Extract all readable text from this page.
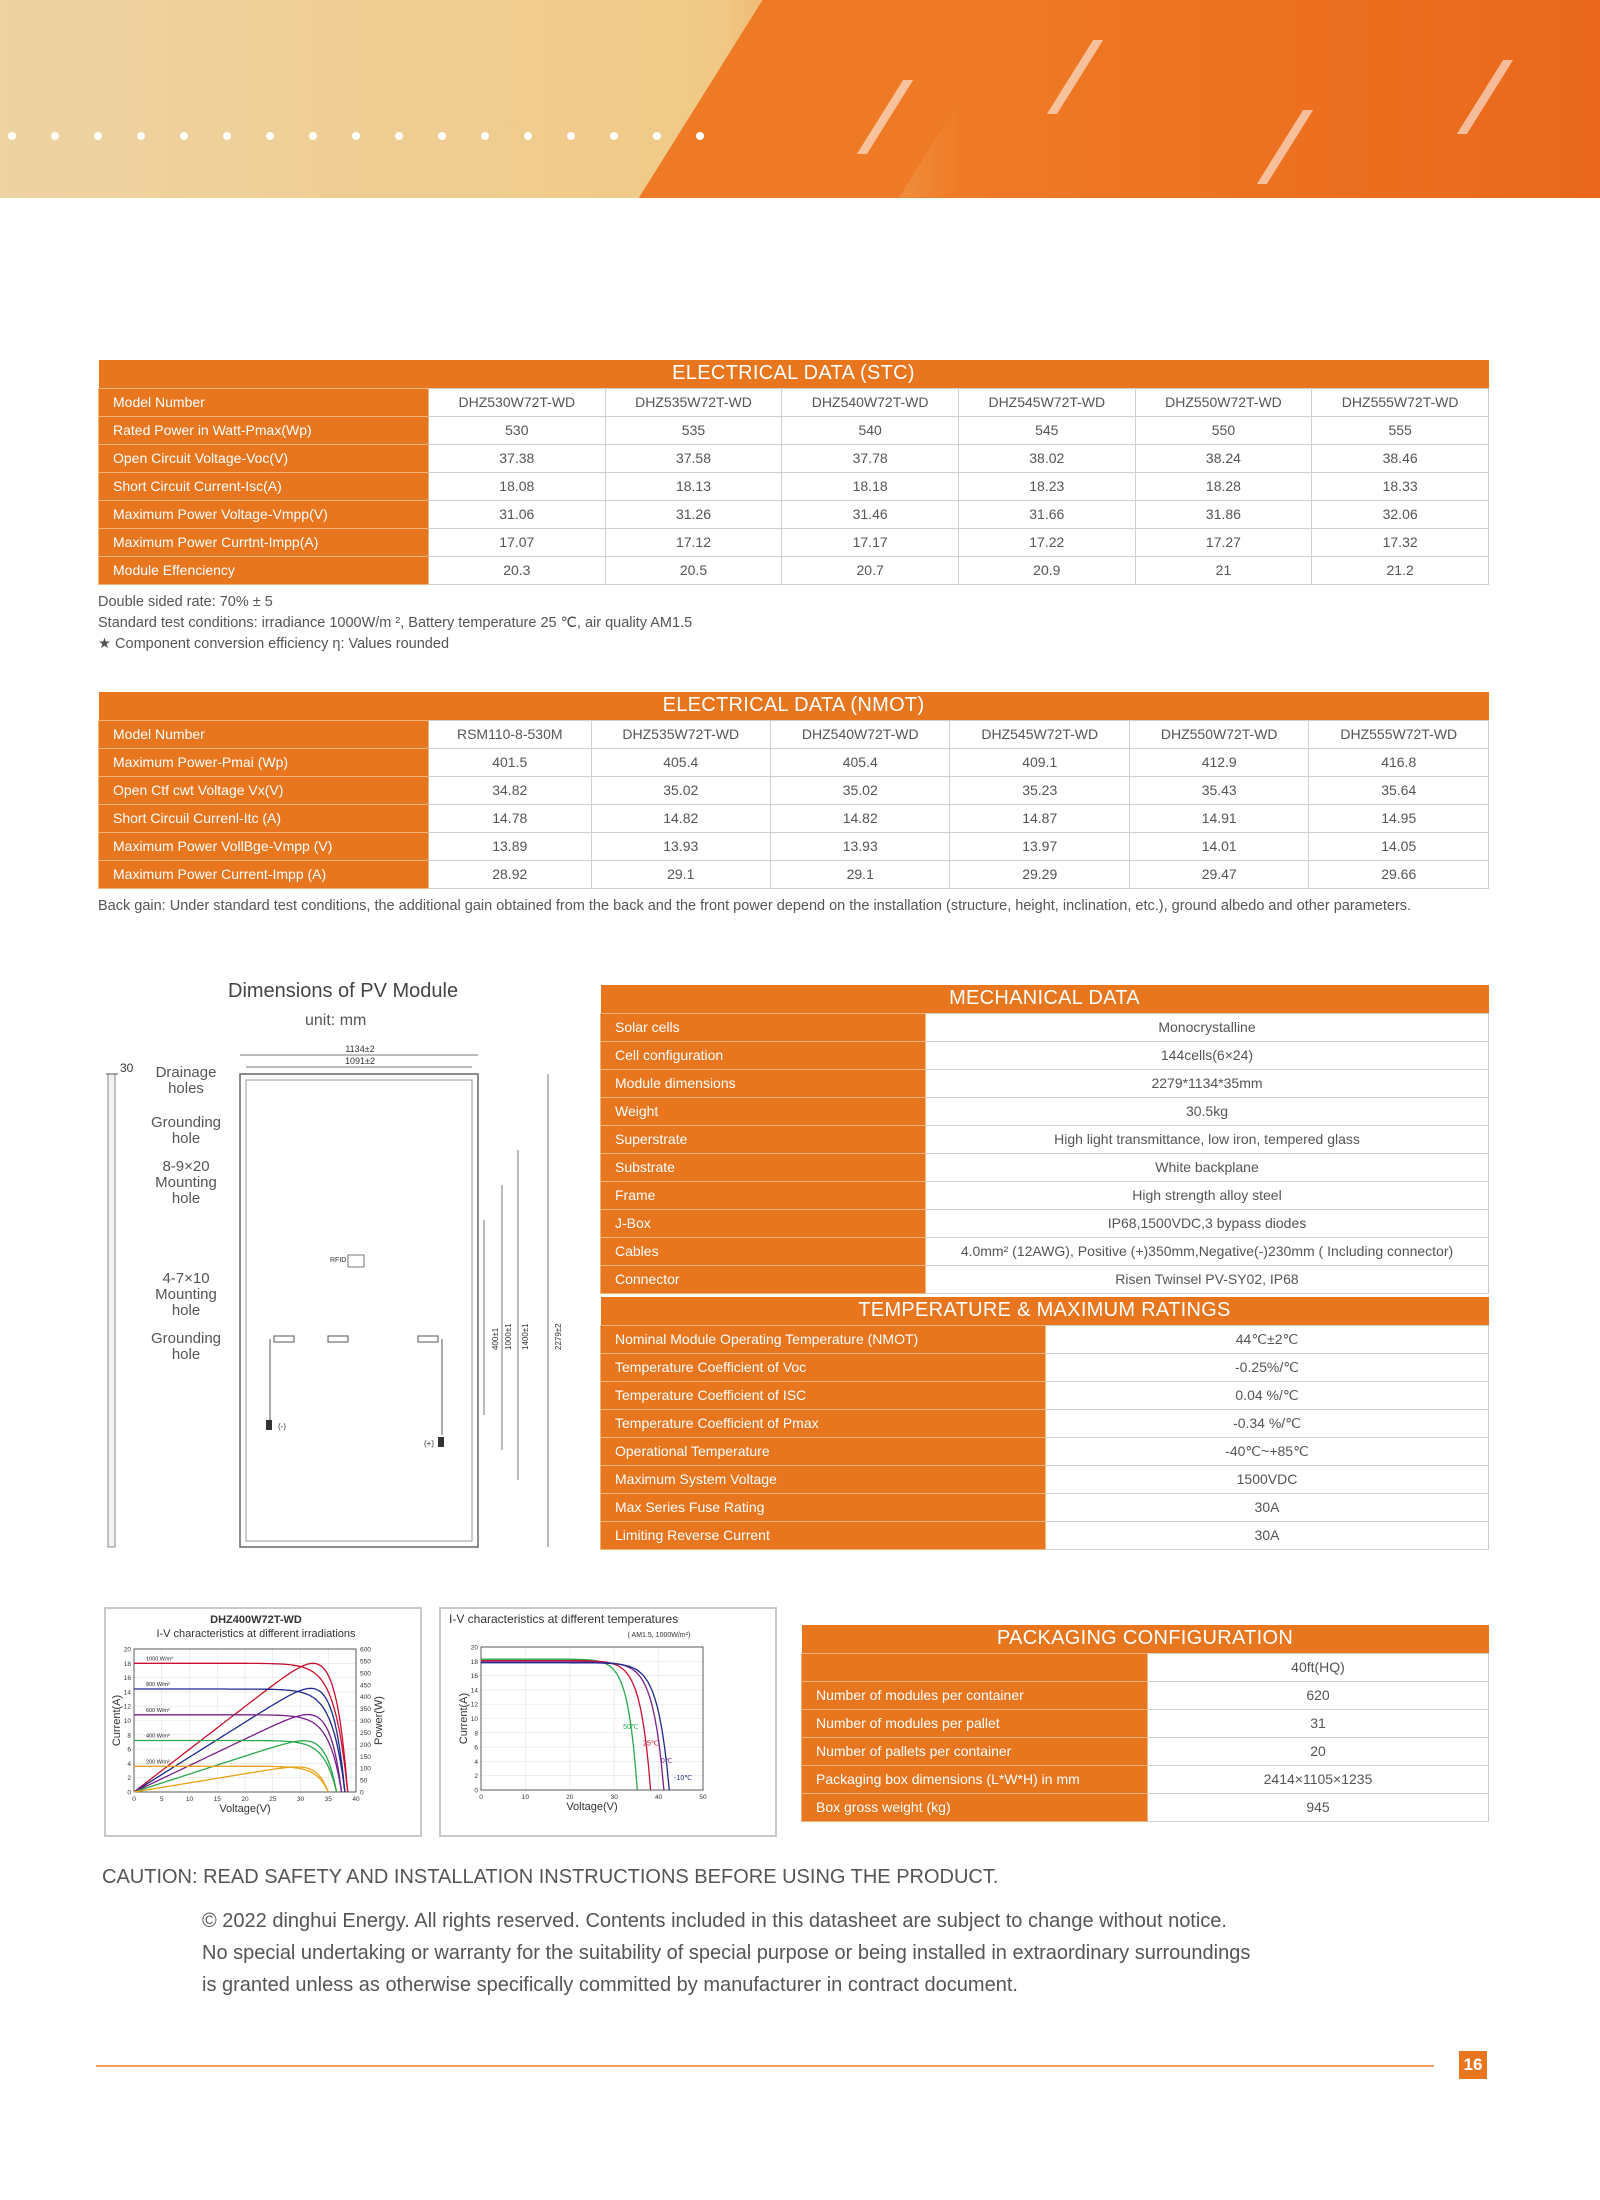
ELECTRICAL DATA (STC)						
Model Number	DHZ530W72T-WD	DHZ535W72T-WD	DHZ540W72T-WD	DHZ545W72T-WD	DHZ550W72T-WD	DHZ555W72T-WD
Rated Power in Watt-Pmax(Wp)	530	535	540	545	550	555
Open Circuit Voltage-Voc(V)	37.38	37.58	37.78	38.02	38.24	38.46
Short Circuit Current-Isc(A)	18.08	18.13	18.18	18.23	18.28	18.33
Maximum Power Voltage-Vmpp(V)	31.06	31.26	31.46	31.66	31.86	32.06
Maximum Power Currtnt-Impp(A)	17.07	17.12	17.17	17.22	17.27	17.32
Module Effenciency	20.3	20.5	20.7	20.9	21	21.2
Double sided rate: 70% ± 5
Standard test conditions: irradiance 1000W/m ², Battery temperature 25 ℃, air quality AM1.5
★ Component conversion efficiency η: Values rounded
ELECTRICAL DATA (NMOT)						
Model Number	RSM110-8-530M	DHZ535W72T-WD	DHZ540W72T-WD	DHZ545W72T-WD	DHZ550W72T-WD	DHZ555W72T-WD
Maximum Power-Pmai (Wp)	401.5	405.4	405.4	409.1	412.9	416.8
Open Ctf cwt Voltage Vx(V)	34.82	35.02	35.02	35.23	35.43	35.64
Short Circuil Currenl-Itc (A)	14.78	14.82	14.82	14.87	14.91	14.95
Maximum Power VollBge-Vmpp (V)	13.89	13.93	13.93	13.97	14.01	14.05
Maximum Power Current-Impp (A)	28.92	29.1	29.1	29.29	29.47	29.66
Back gain: Under standard test conditions, the additional gain obtained from the back and the front power depend on the installation (structure, height, inclination, etc.), ground albedo and other parameters.
Dimensions of PV Module
unit: mm
30 Drainage holes
Grounding hole
8-9×20 Mounting hole
4-7×10 Mounting hole
Grounding hole
1134±2
1091±2
RFID
(-)
(+)
400±1 1000±1 1400±1	2279±2
MECHANICAL DATA	
Solar cells	Monocrystalline
Cell configuration	144cells(6×24)
Module dimensions	2279*1134*35mm
Weight	30.5kg
Superstrate	High light transmittance, low iron, tempered glass
Substrate	White backplane
Frame	High strength alloy steel
J-Box	IP68,1500VDC,3 bypass diodes
Cables	4.0mm² (12AWG), Positive (+)350mm,Negative(-)230mm ( Including connector)
Connector	Risen Twinsel PV-SY02, IP68
TEMPERATURE & MAXIMUM RATINGS	
Nominal Module Operating Temperature (NMOT)	44℃±2℃
Temperature Coefficient of Voc	-0.25%/℃
Temperature Coefficient of ISC	0.04 %/℃
Temperature Coefficient of Pmax	-0.34 %/℃
Operational Temperature	-40℃~+85℃
Maximum System Voltage	1500VDC
Max Series Fuse Rating	30A
Limiting Reverse Current	30A
DHZ400W72T-WD
I-V characteristics at different irradiations
0
2
4
6
8
10
12
14
16
18
20
0	5	10	15	20	25	30	35	40
Voltage(V)
Current(A)
0
50
100
150
200
250
300
350
400
450
500
550
600
Power(W)
1000 W/m²
800 W/m²
600 W/m²
400 W/m²
200 W/m²
I-V characteristics at different temperatures
( AM1.5, 1000W/m²)
0
2
4
6
8
10
12
14
16
18
20
0	10	20	30	40	50
Voltage(V)
Current(A)	50℃
25℃
0℃
-10℃
PACKAGING CONFIGURATION	
	40ft(HQ)
Number of modules per container	620
Number of modules per pallet	31
Number of pallets per container	20
Packaging box dimensions (L*W*H) in mm	2414×1105×1235
Box gross weight (kg)	945
CAUTION: READ SAFETY AND INSTALLATION INSTRUCTIONS BEFORE USING THE PRODUCT.
© 2022 dinghui Energy. All rights reserved. Contents included in this datasheet are subject to change without notice.
No special undertaking or warranty for the suitability of special purpose or being installed in extraordinary surroundings
is granted unless as otherwise specifically committed by manufacturer in contract document.
16
